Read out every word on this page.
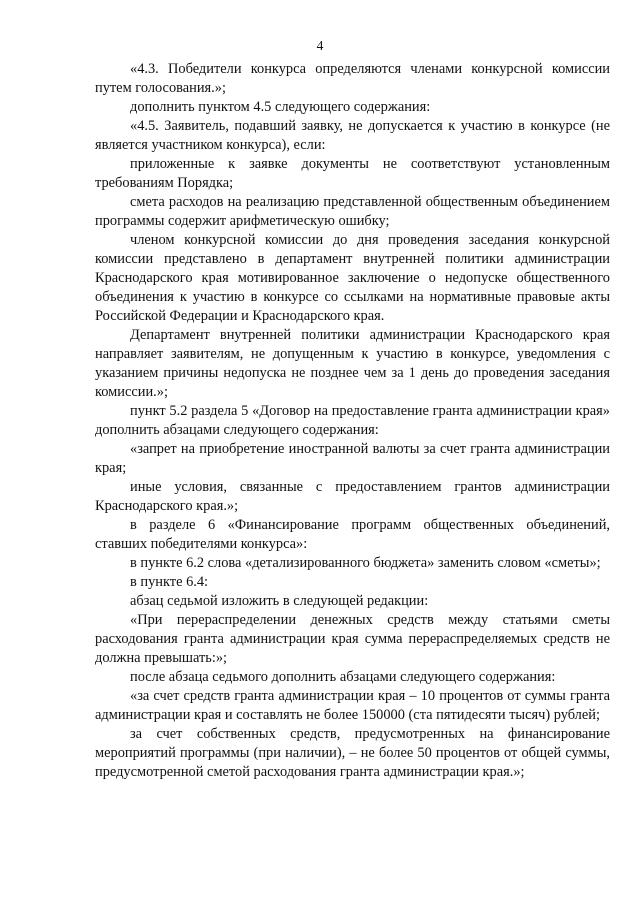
4

«4.3. Победители конкурса определяются членами конкурсной комиссии путем голосования.»;

дополнить пунктом 4.5 следующего содержания:

«4.5. Заявитель, подавший заявку, не допускается к участию в конкурсе (не является участником конкурса), если:

приложенные к заявке документы не соответствуют установленным требованиям Порядка;

смета расходов на реализацию представленной общественным объединением программы содержит арифметическую ошибку;

членом конкурсной комиссии до дня проведения заседания конкурсной комиссии представлено в департамент внутренней политики администрации Краснодарского края мотивированное заключение о недопуске общественного объединения к участию в конкурсе со ссылками на нормативные правовые акты Российской Федерации и Краснодарского края.

Департамент внутренней политики администрации Краснодарского края направляет заявителям, не допущенным к участию в конкурсе, уведомления с указанием причины недопуска не позднее чем за 1 день до проведения заседания комиссии.»;

пункт 5.2 раздела 5 «Договор на предоставление гранта администрации края» дополнить абзацами следующего содержания:

«запрет на приобретение иностранной валюты за счет гранта администрации края;

иные условия, связанные с предоставлением грантов администрации Краснодарского края.»;

в разделе 6 «Финансирование программ общественных объединений, ставших победителями конкурса»:

в пункте 6.2 слова «детализированного бюджета» заменить словом «сметы»;

в пункте 6.4:

абзац седьмой изложить в следующей редакции:

«При перераспределении денежных средств между статьями сметы расходования гранта администрации края сумма перераспределяемых средств не должна превышать:»;

после абзаца седьмого дополнить абзацами следующего содержания:

«за счет средств гранта администрации края – 10 процентов от суммы гранта администрации края и составлять не более 150000 (ста пятидесяти тысяч) рублей;

за счет собственных средств, предусмотренных на финансирование мероприятий программы (при наличии), – не более 50 процентов от общей суммы, предусмотренной сметой расходования гранта администрации края.»;
